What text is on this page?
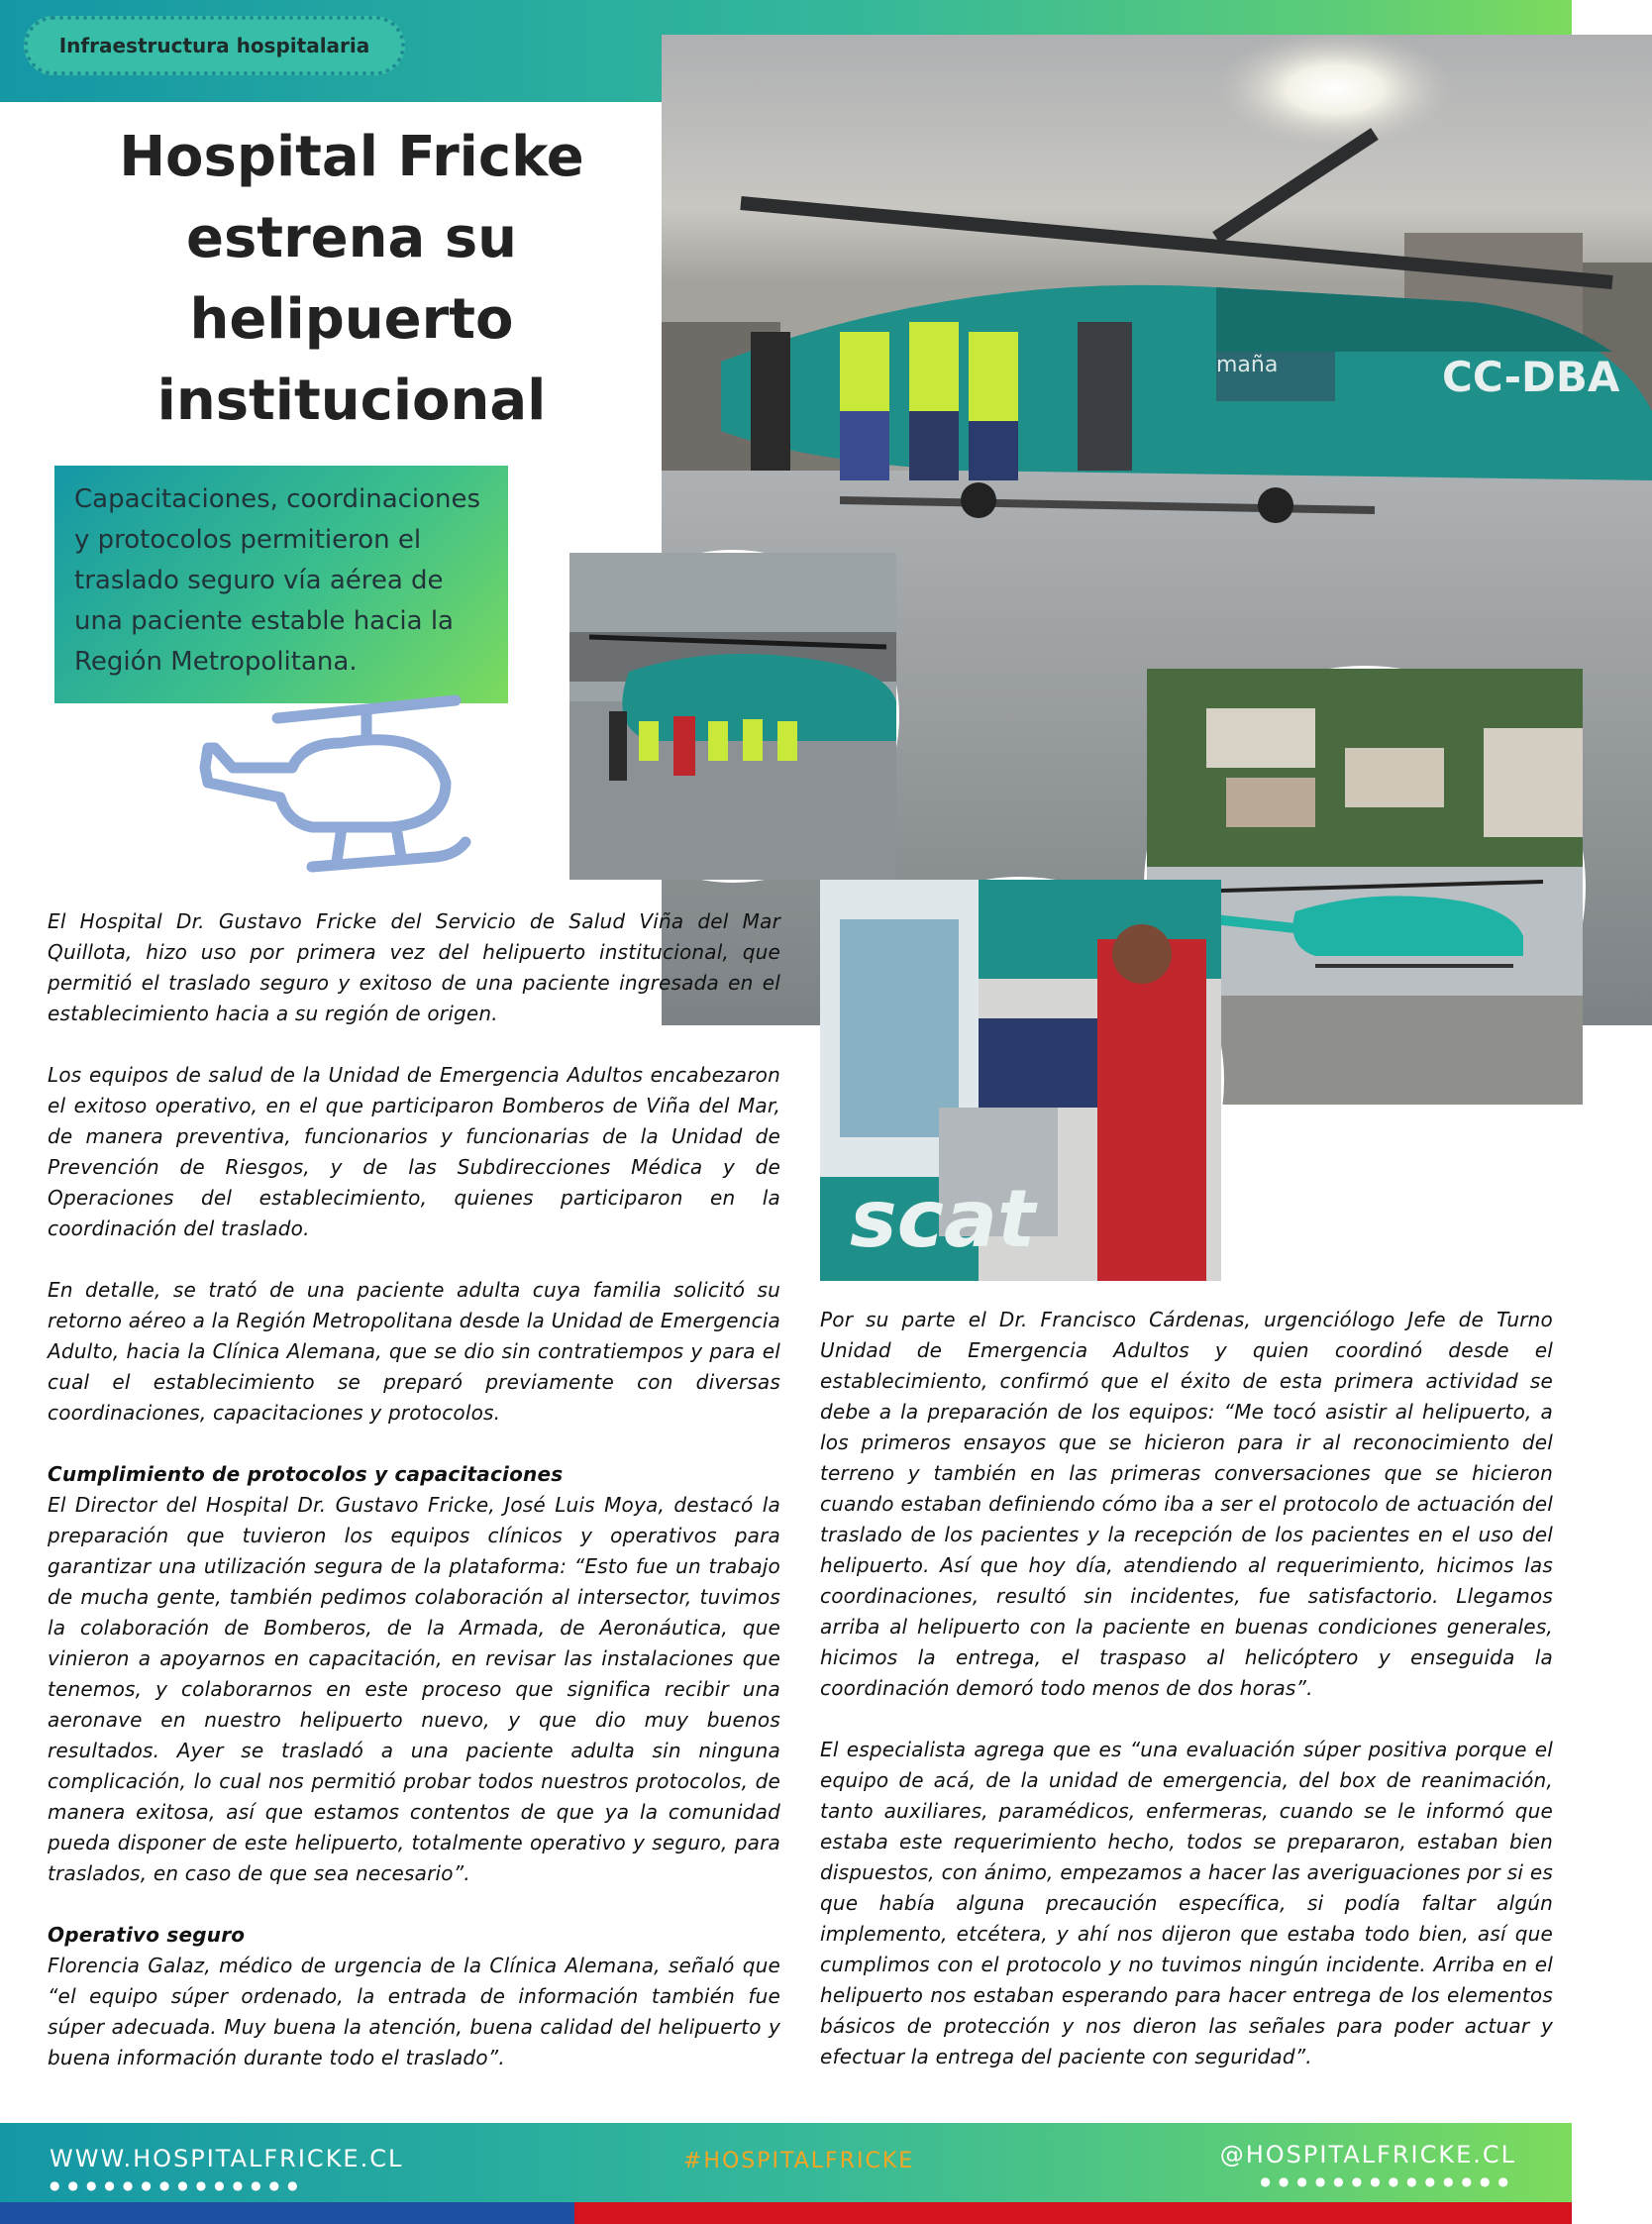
Infraestructura hospitalaria
CC-DBA
maña
Hospital Fricke estrena su helipuerto institucional
Capacitaciones, coordinaciones y protocolos permitieron el traslado seguro vía aérea de una paciente estable hacia la Región Metropolitana.
scat

El Hospital Dr. Gustavo Fricke del Servicio de Salud Viña del Mar Quillota, hizo uso por primera vez del helipuerto institucional, que permitió el traslado seguro y exitoso de una paciente ingresada en el establecimiento hacia a su región de origen.

Los equipos de salud de la Unidad de Emergencia Adultos encabezaron el exitoso operativo, en el que participaron Bomberos de Viña del Mar, de manera preventiva, funcionarios y funcionarias de la Unidad de Prevención de Riesgos, y de las Subdirecciones Médica y de Operaciones del establecimiento, quienes participaron en la coordinación del traslado.

En detalle, se trató de una paciente adulta cuya familia solicitó su retorno aéreo a la Región Metropolitana desde la Unidad de Emergencia Adulto, hacia la Clínica Alemana, que se dio sin contratiempos y para el cual el establecimiento se preparó previamente con diversas coordinaciones, capacitaciones y protocolos.

Cumplimiento de protocolos y capacitaciones
El Director del Hospital Dr. Gustavo Fricke, José Luis Moya, destacó la preparación que tuvieron los equipos clínicos y operativos para garantizar una utilización segura de la plataforma: “Esto fue un trabajo de mucha gente, también pedimos colaboración al intersector, tuvimos la colaboración de Bomberos, de la Armada, de Aeronáutica, que vinieron a apoyarnos en capacitación, en revisar las instalaciones que tenemos, y colaborarnos en este proceso que significa recibir una aeronave en nuestro helipuerto nuevo, y que dio muy buenos resultados. Ayer se trasladó a una paciente adulta sin ninguna complicación, lo cual nos permitió probar todos nuestros protocolos, de manera exitosa, así que estamos contentos de que ya la comunidad pueda disponer de este helipuerto, totalmente operativo y seguro, para traslados, en caso de que sea necesario”.

Operativo seguro
Florencia Galaz, médico de urgencia de la Clínica Alemana, señaló que “el equipo súper ordenado, la entrada de información también fue súper adecuada. Muy buena la atención, buena calidad del helipuerto y buena información durante todo el traslado”.

Por su parte el Dr. Francisco Cárdenas, urgenciólogo Jefe de Turno Unidad de Emergencia Adultos y quien coordinó desde el establecimiento, confirmó que el éxito de esta primera actividad se debe a la preparación de los equipos: “Me tocó asistir al helipuerto, a los primeros ensayos que se hicieron para ir al reconocimiento del terreno y también en las primeras conversaciones que se hicieron cuando estaban definiendo cómo iba a ser el protocolo de actuación del traslado de los pacientes y la recepción de los pacientes en el uso del helipuerto. Así que hoy día, atendiendo al requerimiento, hicimos las coordinaciones, resultó sin incidentes, fue satisfactorio. Llegamos arriba al helipuerto con la paciente en buenas condiciones generales, hicimos la entrega, el traspaso al helicóptero y enseguida la coordinación demoró todo menos de dos horas”.

El especialista agrega que es “una evaluación súper positiva porque el equipo de acá, de la unidad de emergencia, del box de reanimación, tanto auxiliares, paramédicos, enfermeras, cuando se le informó que estaba este requerimiento hecho, todos se prepararon, estaban bien dispuestos, con ánimo, empezamos a hacer las averiguaciones por si es que había alguna precaución específica, si podía faltar algún implemento, etcétera, y ahí nos dijeron que estaba todo bien, así que cumplimos con el protocolo y no tuvimos ningún incidente. Arriba en el helipuerto nos estaban esperando para hacer entrega de los elementos básicos de protección y nos dieron las señales para poder actuar y efectuar la entrega del paciente con seguridad”.

WWW.HOSPITALFRICKE.CL
●●●●●●●●●●●●●●
#HOSPITALFRICKE	@HOSPITALFRICKE.CL
●●●●●●●●●●●●●●
